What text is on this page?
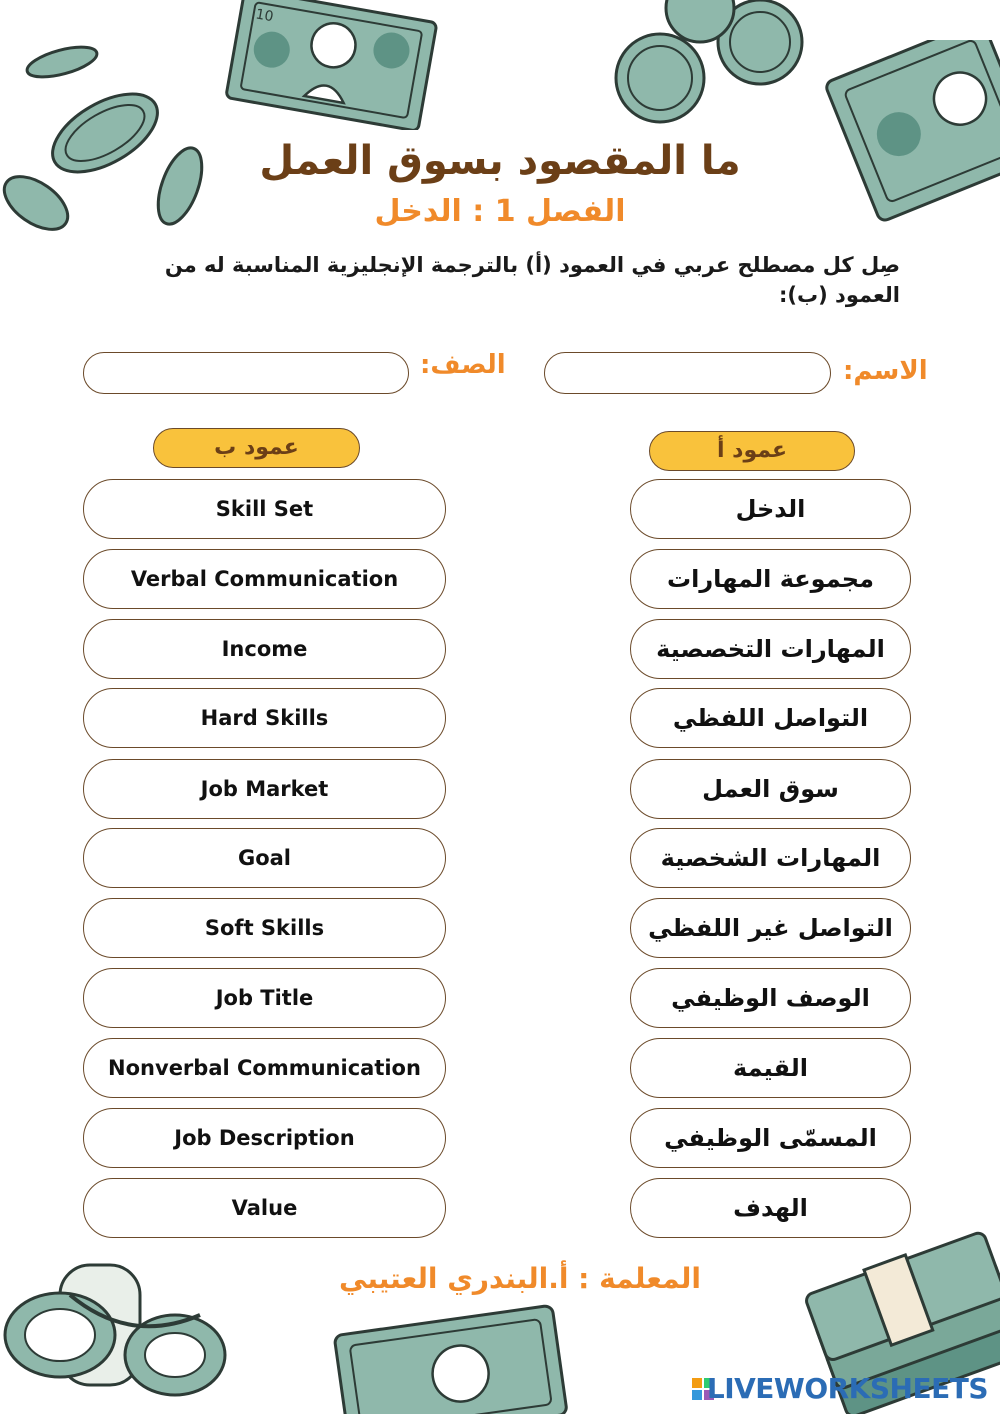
10
ما المقصود بسوق العمل
الفصل 1 : الدخل
صِل كل مصطلح عربي في العمود (أ) بالترجمة الإنجليزية المناسبة له من العمود (ب):
الاسم:
الصف:
عمود ب	عمود أ
Skill Set
Verbal Communication
Income
Hard Skills
Job Market
Goal
Soft Skills
Job Title
Nonverbal Communication
Job Description
Value
الدخل
مجموعة المهارات
المهارات التخصصية
التواصل اللفظي
سوق العمل
المهارات الشخصية
التواصل غير اللفظي
الوصف الوظيفي
القيمة
المسمّى الوظيفي
الهدف
المعلمة : أ.البندري العتيبي
LIVEWORKSHEETS
